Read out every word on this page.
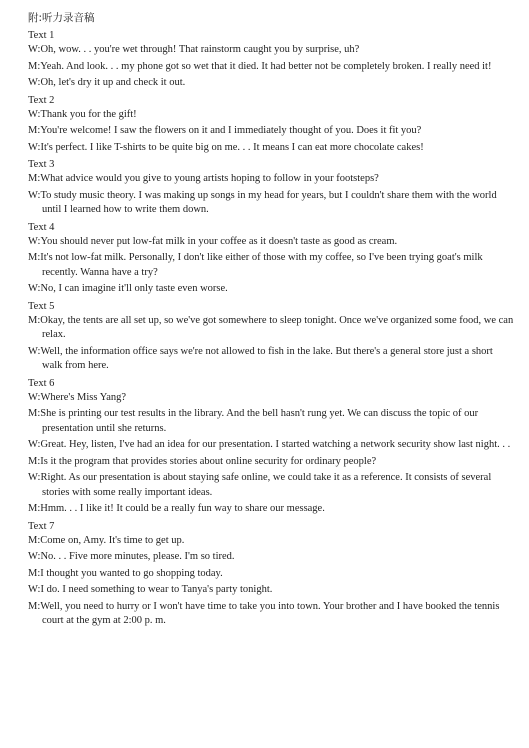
附:听力录音稿
Text 1
W:Oh, wow. . . you're wet through! That rainstorm caught you by surprise, uh?
M:Yeah. And look. . . my phone got so wet that it died. It had better not be completely broken. I really need it!
W:Oh, let's dry it up and check it out.
Text 2
W:Thank you for the gift!
M:You're welcome! I saw the flowers on it and I immediately thought of you. Does it fit you?
W:It's perfect. I like T-shirts to be quite big on me. . . It means I can eat more chocolate cakes!
Text 3
M:What advice would you give to young artists hoping to follow in your footsteps?
W:To study music theory. I was making up songs in my head for years, but I couldn't share them with the world until I learned how to write them down.
Text 4
W:You should never put low-fat milk in your coffee as it doesn't taste as good as cream.
M:It's not low-fat milk. Personally, I don't like either of those with my coffee, so I've been trying goat's milk recently. Wanna have a try?
W:No, I can imagine it'll only taste even worse.
Text 5
M:Okay, the tents are all set up, so we've got somewhere to sleep tonight. Once we've organized some food, we can relax.
W:Well, the information office says we're not allowed to fish in the lake. But there's a general store just a short walk from here.
Text 6
W:Where's Miss Yang?
M:She is printing our test results in the library. And the bell hasn't rung yet. We can discuss the topic of our presentation until she returns.
W:Great. Hey, listen, I've had an idea for our presentation. I started watching a network security show last night. . .
M:Is it the program that provides stories about online security for ordinary people?
W:Right. As our presentation is about staying safe online, we could take it as a reference. It consists of several stories with some really important ideas.
M:Hmm. . . I like it! It could be a really fun way to share our message.
Text 7
M:Come on, Amy. It's time to get up.
W:No. . . Five more minutes, please. I'm so tired.
M:I thought you wanted to go shopping today.
W:I do. I need something to wear to Tanya's party tonight.
M:Well, you need to hurry or I won't have time to take you into town. Your brother and I have booked the tennis court at the gym at 2:00 p. m.
